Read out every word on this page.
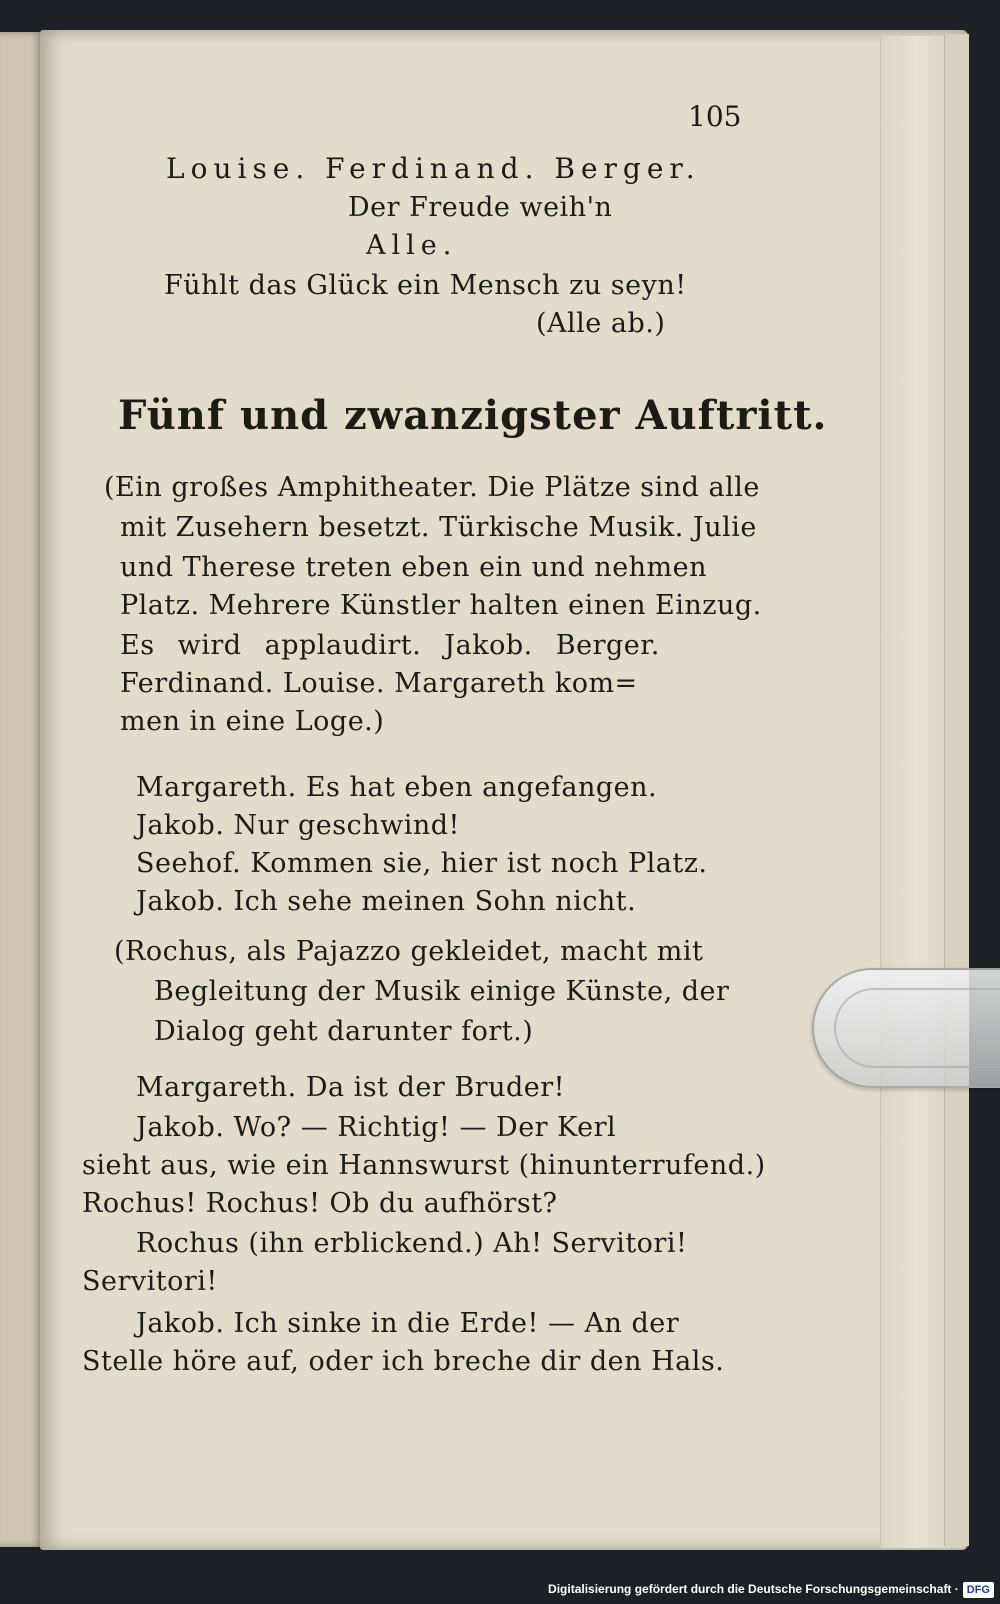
105
Louise. Ferdinand. Berger.
Der Freude weih'n
Alle.
Fühlt das Glück ein Mensch zu seyn!
(Alle ab.)
Fünf und zwanzigster Auftritt.
(Ein großes Amphitheater. Die Plätze sind alle
mit Zusehern besetzt. Türkische Musik. Julie
und Therese treten eben ein und nehmen
Platz. Mehrere Künstler halten einen Einzug.
Es wird applaudirt. Jakob. Berger.
Ferdinand. Louise. Margareth kom=
men in eine Loge.)
Margareth. Es hat eben angefangen.
Jakob. Nur geschwind!
Seehof. Kommen sie, hier ist noch Platz.
Jakob. Ich sehe meinen Sohn nicht.
(Rochus, als Pajazzo gekleidet, macht mit
Begleitung der Musik einige Künste, der
Dialog geht darunter fort.)
Margareth. Da ist der Bruder!
Jakob. Wo? — Richtig! — Der Kerl
sieht aus, wie ein Hannswurst (hinunterrufend.)
Rochus! Rochus! Ob du aufhörst?
Rochus (ihn erblickend.) Ah! Servitori!
Servitori!
Jakob. Ich sinke in die Erde! — An der
Stelle höre auf, oder ich breche dir den Hals.
Digitalisierung gefördert durch die Deutsche Forschungsgemeinschaft · DFG
